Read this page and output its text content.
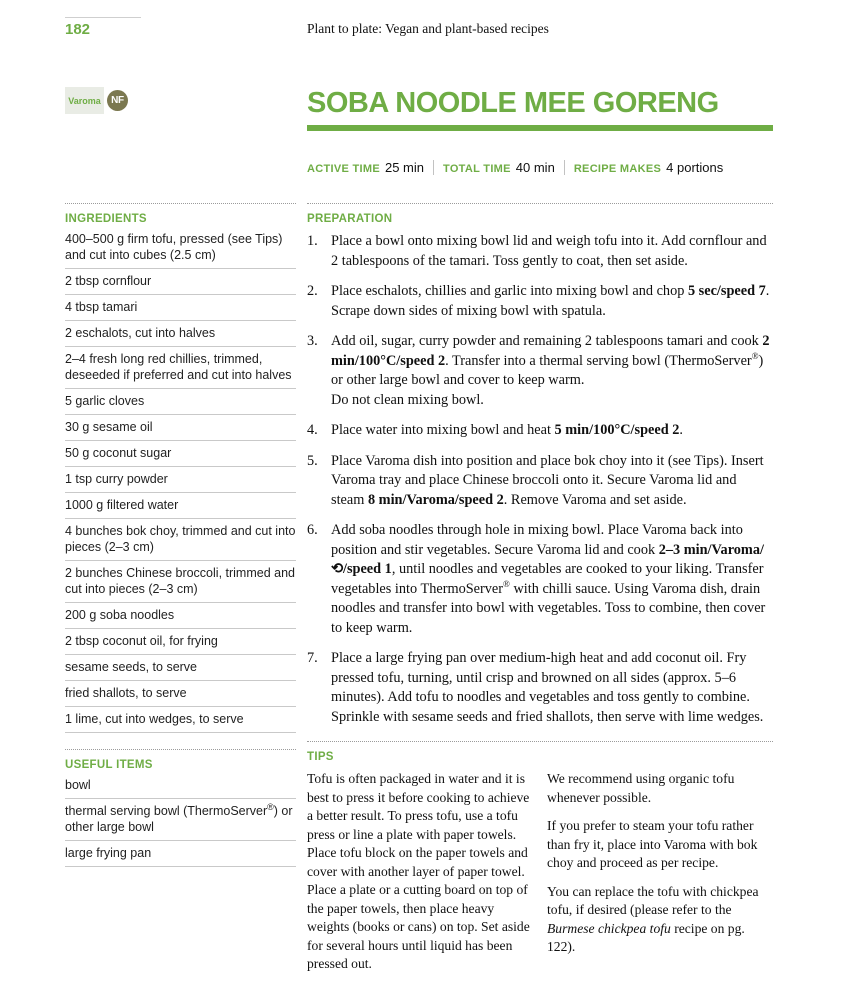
182	Plant to plate: Vegan and plant-based recipes
Varoma	NF	SOBA NOODLE MEE GORENG
ACTIVE TIME 25 min TOTAL TIME 40 min RECIPE MAKES 4 portions
INGREDIENTS
400–500 g firm tofu, pressed (see Tips) and cut into cubes (2.5 cm)
2 tbsp cornflour
4 tbsp tamari
2 eschalots, cut into halves
2–4 fresh long red chillies, trimmed, deseeded if preferred and cut into halves
5 garlic cloves
30 g sesame oil
50 g coconut sugar
1 tsp curry powder
1000 g filtered water
4 bunches bok choy, trimmed and cut into pieces (2–3 cm)
2 bunches Chinese broccoli, trimmed and cut into pieces (2–3 cm)
200 g soba noodles
2 tbsp coconut oil, for frying
sesame seeds, to serve
fried shallots, to serve
1 lime, cut into wedges, to serve
USEFUL ITEMS
bowl
thermal serving bowl (ThermoServer®) or other large bowl
large frying pan
PREPARATION
Place a bowl onto mixing bowl lid and weigh tofu into it. Add cornflour and 2 tablespoons of the tamari. Toss gently to coat, then set aside.
Place eschalots, chillies and garlic into mixing bowl and chop 5 sec/speed 7. Scrape down sides of mixing bowl with spatula.
Add oil, sugar, curry powder and remaining 2 tablespoons tamari and cook 2 min/100°C/speed 2. Transfer into a thermal serving bowl (ThermoServer®) or other large bowl and cover to keep warm.
Do not clean mixing bowl.
Place water into mixing bowl and heat 5 min/100°C/speed 2.
Place Varoma dish into position and place bok choy into it (see Tips). Insert Varoma tray and place Chinese broccoli onto it. Secure Varoma lid and steam 8 min/Varoma/speed 2. Remove Varoma and set aside.
Add soba noodles through hole in mixing bowl. Place Varoma back into position and stir vegetables. Secure Varoma lid and cook 2–3 min/Varoma/⟲/speed 1, until noodles and vegetables are cooked to your liking. Transfer vegetables into ThermoServer® with chilli sauce. Using Varoma dish, drain noodles and transfer into bowl with vegetables. Toss to combine, then cover to keep warm.
Place a large frying pan over medium-high heat and add coconut oil. Fry pressed tofu, turning, until crisp and browned on all sides (approx. 5–6 minutes). Add tofu to noodles and vegetables and toss gently to combine. Sprinkle with sesame seeds and fried shallots, then serve with lime wedges.
TIPS

Tofu is often packaged in water and it is best to press it before cooking to achieve a better result. To press tofu, use a tofu press or line a plate with paper towels. Place tofu block on the paper towels and cover with another layer of paper towel. Place a plate or a cutting board on top of the paper towels, then place heavy weights (books or cans) on top. Set aside for several hours until liquid has been pressed out.

We recommend using organic tofu whenever possible.

If you prefer to steam your tofu rather than fry it, place into Varoma with bok choy and proceed as per recipe.

You can replace the tofu with chickpea tofu, if desired (please refer to the Burmese chickpea tofu recipe on pg. 122).
